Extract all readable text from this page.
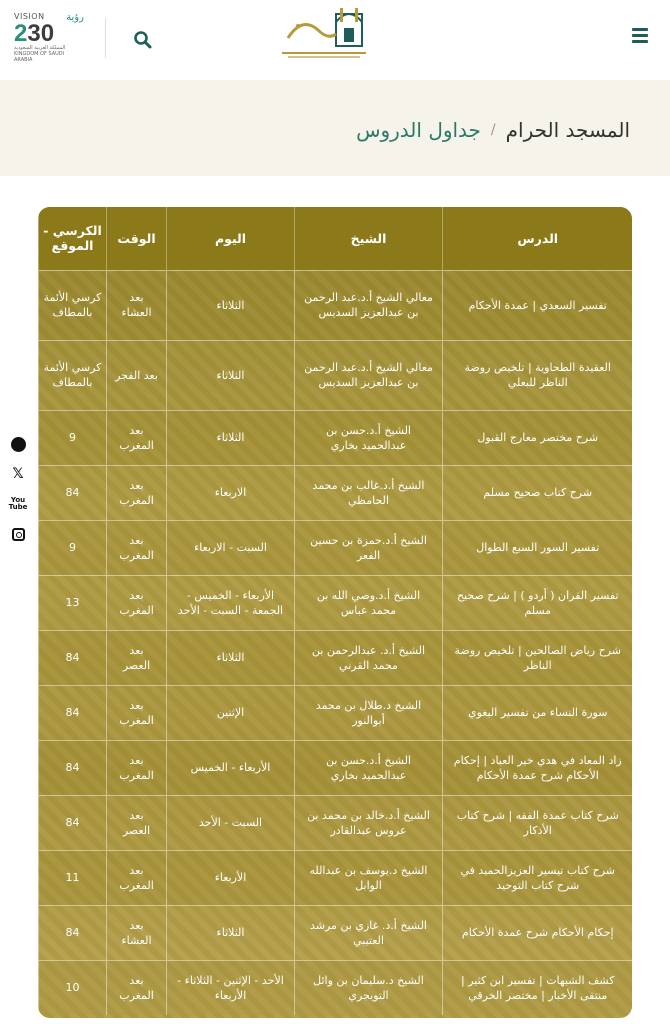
VISION رؤية
230
المملكة العربية السعودية
KINGDOM OF SAUDI ARABIA
المسجد الحرام
/
جداول الدروس
𝕏
You Tube
الدرس	الشيخ	اليوم	الوقت	الكرسي - الموقع
تفسير السعدي | عمدة الأحكام	معالي الشيخ أ.د.عبد الرحمن بن عبدالعزيز السديس	الثلاثاء	بعد العشاء	كرسي الأئمة بالمطاف
العقيدة الطحاوية | تلخيص روضة الناظر للبعلي	معالي الشيخ أ.د.عبد الرحمن بن عبدالعزيز السديس	الثلاثاء	بعد الفجر	كرسي الأئمة بالمطاف
شرح مختصر معارج القبول	الشيخ أ.د.حسن بن عبدالحميد بخاري	الثلاثاء	بعد المغرب	9
شرح كتاب صحيح مسلم	الشيخ أ.د.غالب بن محمد الحامظي	الاربعاء	بعد المغرب	84
تفسير السور السبع الطوال	الشيخ أ.د.حمزة بن حسين الفعر	السبت - الاربعاء	بعد المغرب	9
تفسير القران ( أردو ) | شرح صحيح مسلم	الشيخ أ.د.وصي الله بن محمد عباس	الأربعاء - الخميس - الجمعة - السبت - الأحد	بعد المغرب	13
شرح رياض الصالحين | تلخيص روضة الناظر	الشيخ أ.د. عبدالرحمن بن محمد القرني	الثلاثاء	بعد العصر	84
سورة النساء من تفسير البغوي	الشيخ د.طلال بن محمد أبوالنور	الإثنين	بعد المغرب	84
زاد المعاد في هدي خير العباد | إحكام الأحكام شرح عمدة الأحكام	الشيخ أ.د.حسن بن عبدالحميد بخاري	الأربعاء - الخميس	بعد المغرب	84
شرح كتاب عمدة الفقه | شرح كتاب الأذكار	الشيخ أ.د.خالد بن محمد بن عروس عبدالقادر	السبت - الأحد	بعد العصر	84
شرح كتاب تيسير العزيزالحميد في شرح كتاب التوحيد	الشيخ د.يوسف بن عبدالله الوابل	الأربعاء	بعد المغرب	11
إحكام الأحكام شرح عمدة الأحكام	الشيخ أ.د. غازي بن مرشد العتيبي	الثلاثاء	بعد العشاء	84
كشف الشبهات | تفسير ابن كثير | منتقى الأخبار | مختصر الخرقي	الشيخ د.سليمان بن وائل التويجري	الأحد - الإثنين - الثلاثاء - الأربعاء	بعد المغرب	10
